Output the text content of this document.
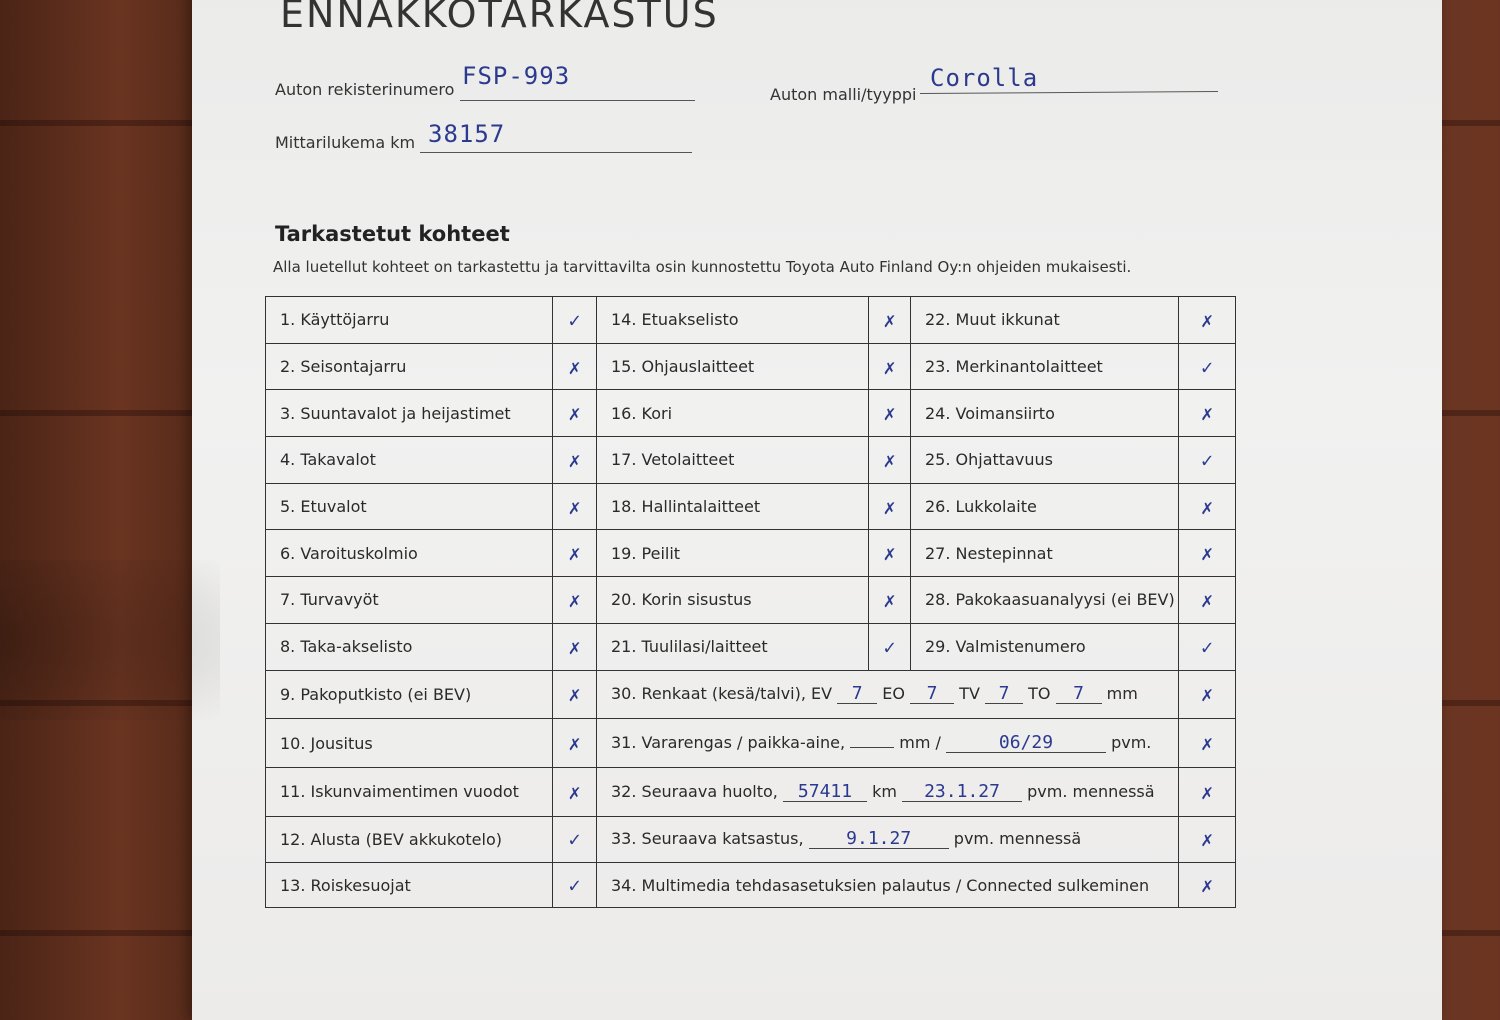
ENNAKKOTARKASTUS
Auton rekisterinumero FSP-993
Auton malli/tyyppi
Corolla
Mittarilukema km 38157
Tarkastetut kohteet
Alla luetellut kohteet on tarkastettu ja tarvittavilta osin kunnostettu Toyota Auto Finland Oy:n ohjeiden mukaisesti.
1. Käyttöjarru	✓	14. Etuakselisto	✗	22. Muut ikkunat	✗
2. Seisontajarru	✗	15. Ohjauslaitteet	✗	23. Merkinantolaitteet	✓
3. Suuntavalot ja heijastimet	✗	16. Kori	✗	24. Voimansiirto	✗
4. Takavalot	✗	17. Vetolaitteet	✗	25. Ohjattavuus	✓
5. Etuvalot	✗	18. Hallintalaitteet	✗	26. Lukkolaite	✗
6. Varoituskolmio	✗	19. Peilit	✗	27. Nestepinnat	✗
7. Turvavyöt	✗	20. Korin sisustus	✗	28. Pakokaasuanalyysi (ei BEV)	✗
8. Taka-akselisto	✗	21. Tuulilasi/laitteet	✓	29. Valmistenumero	✓
9. Pakoputkisto (ei BEV)	✗	30. Renkaat (kesä/talvi), EV 7 EO 7 TV 7 TO 7 mm			✗
10. Jousitus	✗	31. Vararengas / paikka-aine, mm / 06/29 pvm.			✗
11. Iskunvaimentimen vuodot	✗	32. Seuraava huolto, 57411 km 23.1.27 pvm. mennessä			✗
12. Alusta (BEV akkukotelo)	✓	33. Seuraava katsastus, 9.1.27 pvm. mennessä			✗
13. Roiskesuojat	✓	34. Multimedia tehdasasetuksien palautus / Connected sulkeminen			✗
